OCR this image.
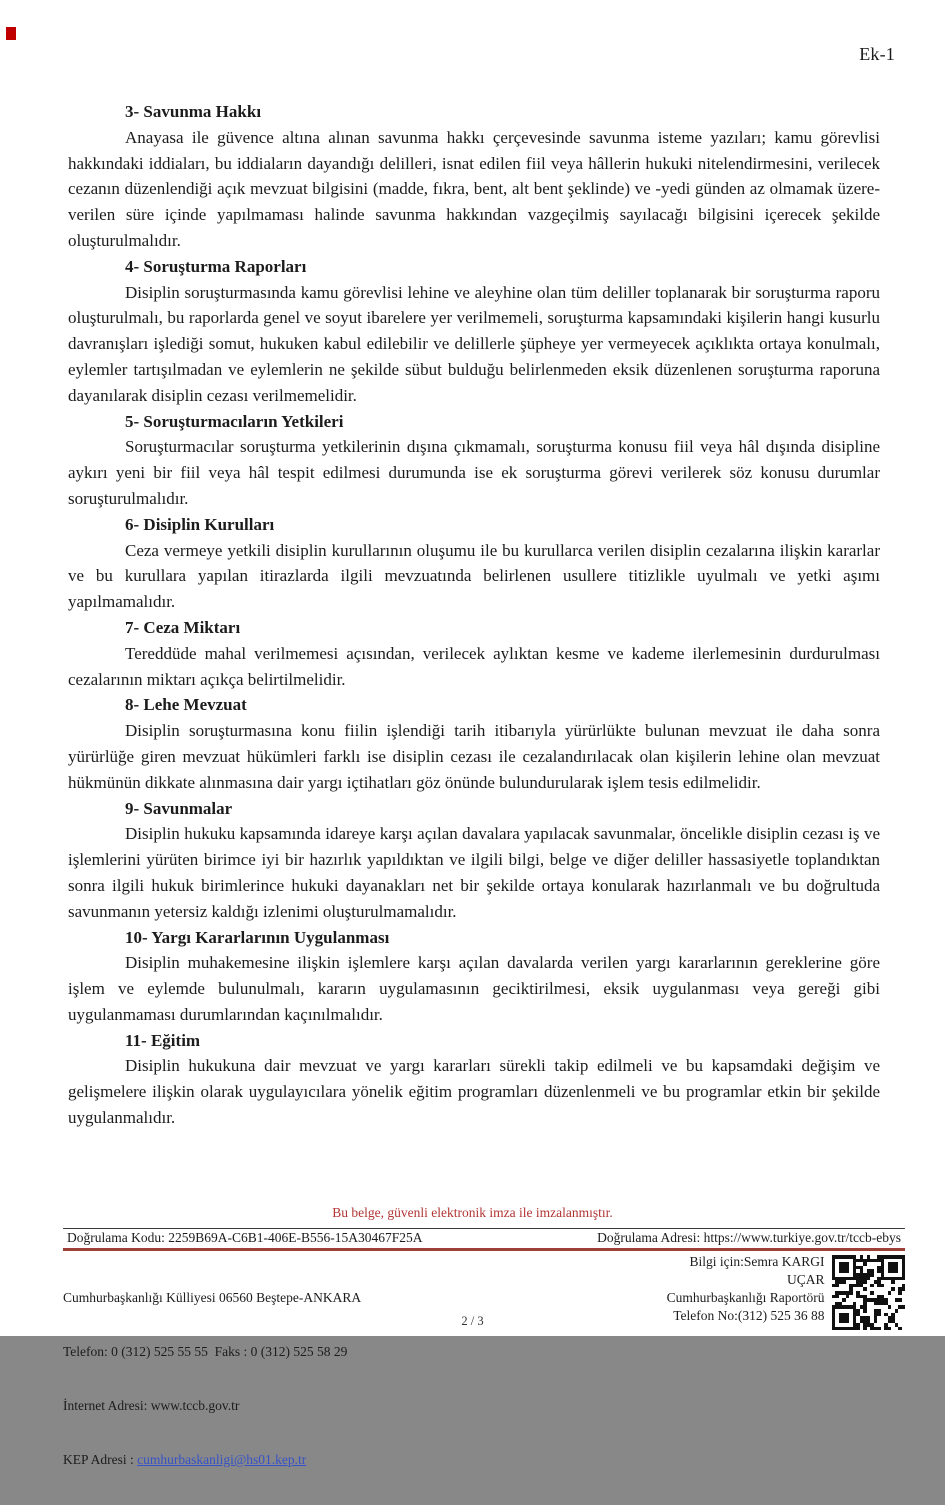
Ek-1

3- Savunma Hakkı

Anayasa ile güvence altına alınan savunma hakkı çerçevesinde savunma isteme yazıları; kamu görevlisi hakkındaki iddiaları, bu iddiaların dayandığı delilleri, isnat edilen fiil veya hâllerin hukuki nitelendirmesini, verilecek cezanın düzenlendiği açık mevzuat bilgisini (madde, fıkra, bent, alt bent şeklinde) ve -yedi günden az olmamak üzere- verilen süre içinde yapılmaması halinde savunma hakkından vazgeçilmiş sayılacağı bilgisini içerecek şekilde oluşturulmalıdır.

4- Soruşturma Raporları

Disiplin soruşturmasında kamu görevlisi lehine ve aleyhine olan tüm deliller toplanarak bir soruşturma raporu oluşturulmalı, bu raporlarda genel ve soyut ibarelere yer verilmemeli, soruşturma kapsamındaki kişilerin hangi kusurlu davranışları işlediği somut, hukuken kabul edilebilir ve delillerle şüpheye yer vermeyecek açıklıkta ortaya konulmalı, eylemler tartışılmadan ve eylemlerin ne şekilde sübut bulduğu belirlenmeden eksik düzenlenen soruşturma raporuna dayanılarak disiplin cezası verilmemelidir.

5- Soruşturmacıların Yetkileri

Soruşturmacılar soruşturma yetkilerinin dışına çıkmamalı, soruşturma konusu fiil veya hâl dışında disipline aykırı yeni bir fiil veya hâl tespit edilmesi durumunda ise ek soruşturma görevi verilerek söz konusu durumlar soruşturulmalıdır.

6- Disiplin Kurulları

Ceza vermeye yetkili disiplin kurullarının oluşumu ile bu kurullarca verilen disiplin cezalarına ilişkin kararlar ve bu kurullara yapılan itirazlarda ilgili mevzuatında belirlenen usullere titizlikle uyulmalı ve yetki aşımı yapılmamalıdır.

7- Ceza Miktarı

Tereddüde mahal verilmemesi açısından, verilecek aylıktan kesme ve kademe ilerlemesinin durdurulması cezalarının miktarı açıkça belirtilmelidir.

8- Lehe Mevzuat

Disiplin soruşturmasına konu fiilin işlendiği tarih itibarıyla yürürlükte bulunan mevzuat ile daha sonra yürürlüğe giren mevzuat hükümleri farklı ise disiplin cezası ile cezalandırılacak olan kişilerin lehine olan mevzuat hükmünün dikkate alınmasına dair yargı içtihatları göz önünde bulundurularak işlem tesis edilmelidir.

9- Savunmalar

Disiplin hukuku kapsamında idareye karşı açılan davalara yapılacak savunmalar, öncelikle disiplin cezası iş ve işlemlerini yürüten birimce iyi bir hazırlık yapıldıktan ve ilgili bilgi, belge ve diğer deliller hassasiyetle toplandıktan sonra ilgili hukuk birimlerince hukuki dayanakları net bir şekilde ortaya konularak hazırlanmalı ve bu doğrultuda savunmanın yetersiz kaldığı izlenimi oluşturulmamalıdır.

10- Yargı Kararlarının Uygulanması

Disiplin muhakemesine ilişkin işlemlere karşı açılan davalarda verilen yargı kararlarının gereklerine göre işlem ve eylemde bulunulmalı, kararın uygulamasının geciktirilmesi, eksik uygulanması veya gereği gibi uygulanmaması durumlarından kaçınılmalıdır.

11- Eğitim

Disiplin hukukuna dair mevzuat ve yargı kararları sürekli takip edilmeli ve bu kapsamdaki değişim ve gelişmelere ilişkin olarak uygulayıcılara yönelik eğitim programları düzenlenmeli ve bu programlar etkin bir şekilde uygulanmalıdır.

Bu belge, güvenli elektronik imza ile imzalanmıştır.
Doğrulama Kodu: 2259B69A-C6B1-406E-B556-15A30467F25A	Doğrulama Adresi: https://www.turkiye.gov.tr/tccb-ebys

Cumhurbaşkanlığı Külliyesi 06560 Beştepe-ANKARA

Telefon: 0 (312) 525 55 55  Faks : 0 (312) 525 58 29

İnternet Adresi: www.tccb.gov.tr

KEP Adresi : cumhurbaskanligi@hs01.kep.tr

Bilgi için:Semra KARGI
UÇAR
Cumhurbaşkanlığı Raportörü
Telefon No:(312) 525 36 88
2 / 3
